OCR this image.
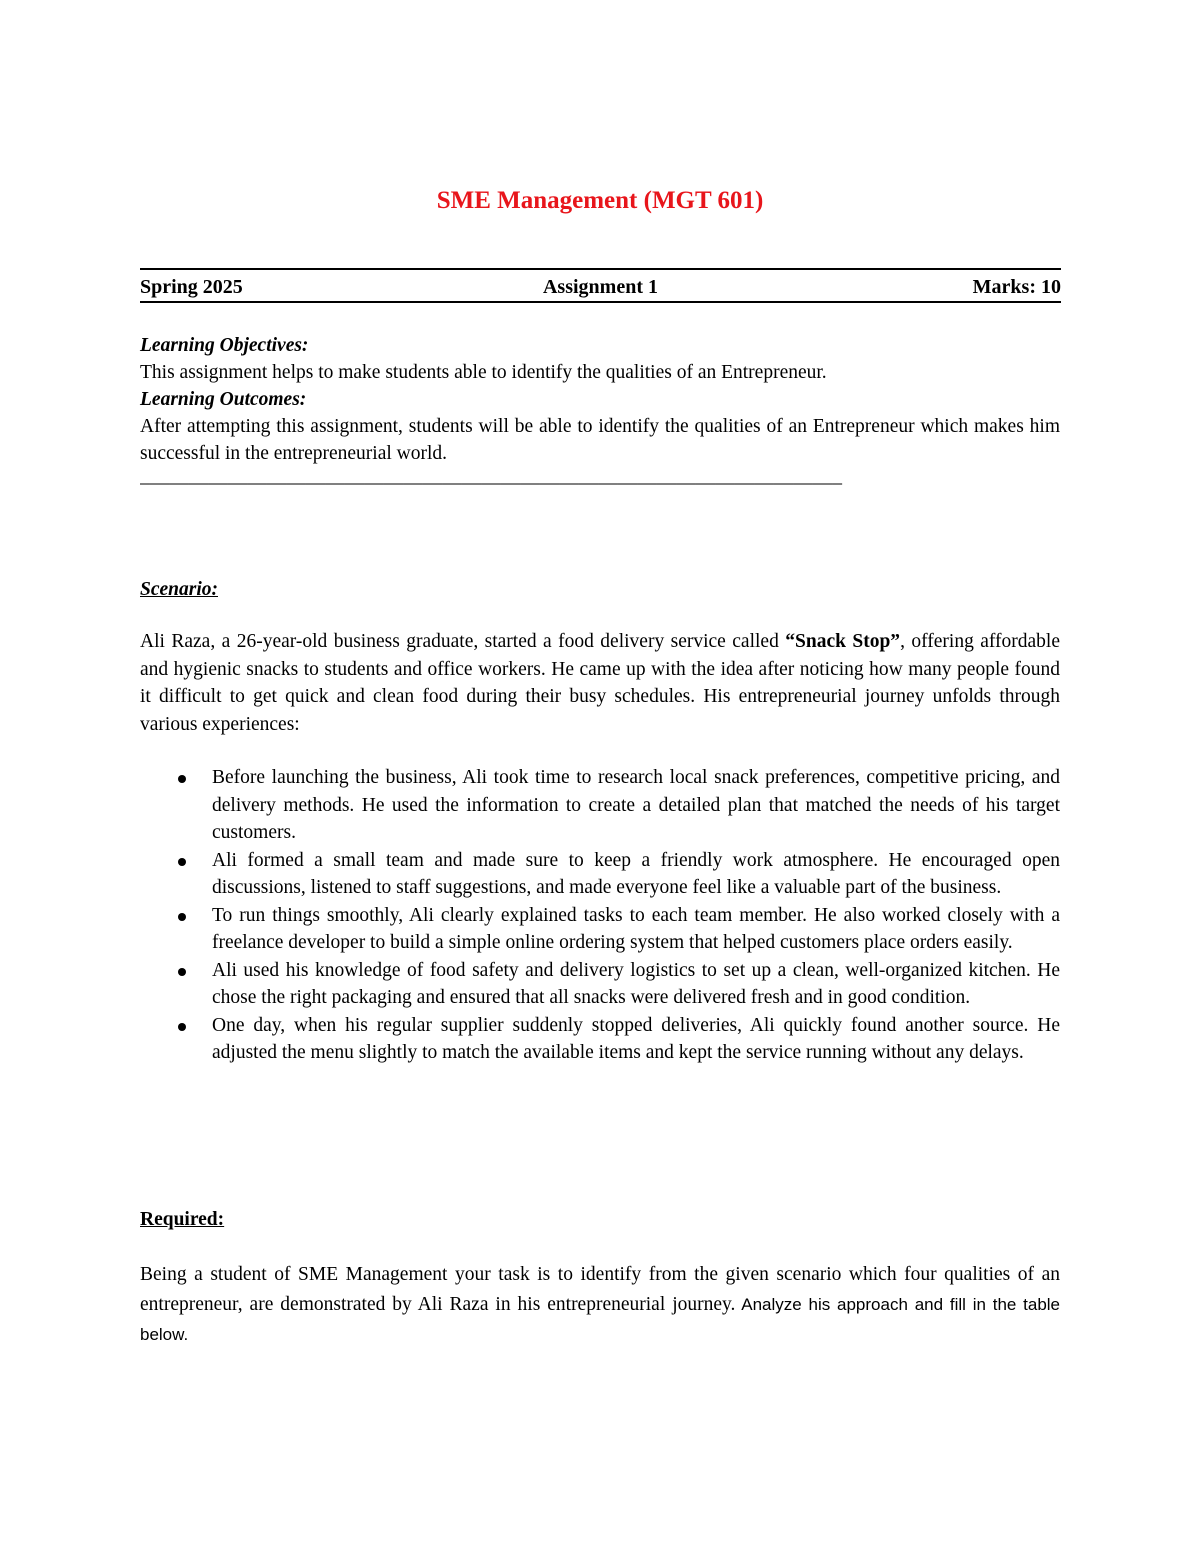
SME Management (MGT 601)
Spring 2025	Assignment 1	Marks: 10
Learning Objectives:
This assignment helps to make students able to identify the qualities of an Entrepreneur.
Learning Outcomes:
After attempting this assignment, students will be able to identify the qualities of an Entrepreneur which makes him successful in the entrepreneurial world.
________________________________________________________________________
Scenario:
Ali Raza, a 26-year-old business graduate, started a food delivery service called “Snack Stop”, offering affordable and hygienic snacks to students and office workers. He came up with the idea after noticing how many people found it difficult to get quick and clean food during their busy schedules. His entrepreneurial journey unfolds through various experiences:
Before launching the business, Ali took time to research local snack preferences, competitive pricing, and delivery methods. He used the information to create a detailed plan that matched the needs of his target customers.
Ali formed a small team and made sure to keep a friendly work atmosphere. He encouraged open discussions, listened to staff suggestions, and made everyone feel like a valuable part of the business.
To run things smoothly, Ali clearly explained tasks to each team member. He also worked closely with a freelance developer to build a simple online ordering system that helped customers place orders easily.
Ali used his knowledge of food safety and delivery logistics to set up a clean, well-organized kitchen. He chose the right packaging and ensured that all snacks were delivered fresh and in good condition.
One day, when his regular supplier suddenly stopped deliveries, Ali quickly found another source. He adjusted the menu slightly to match the available items and kept the service running without any delays.
Required:
Being a student of SME Management your task is to identify from the given scenario which four qualities of an entrepreneur, are demonstrated by Ali Raza in his entrepreneurial journey. Analyze his approach and fill in the table below.
